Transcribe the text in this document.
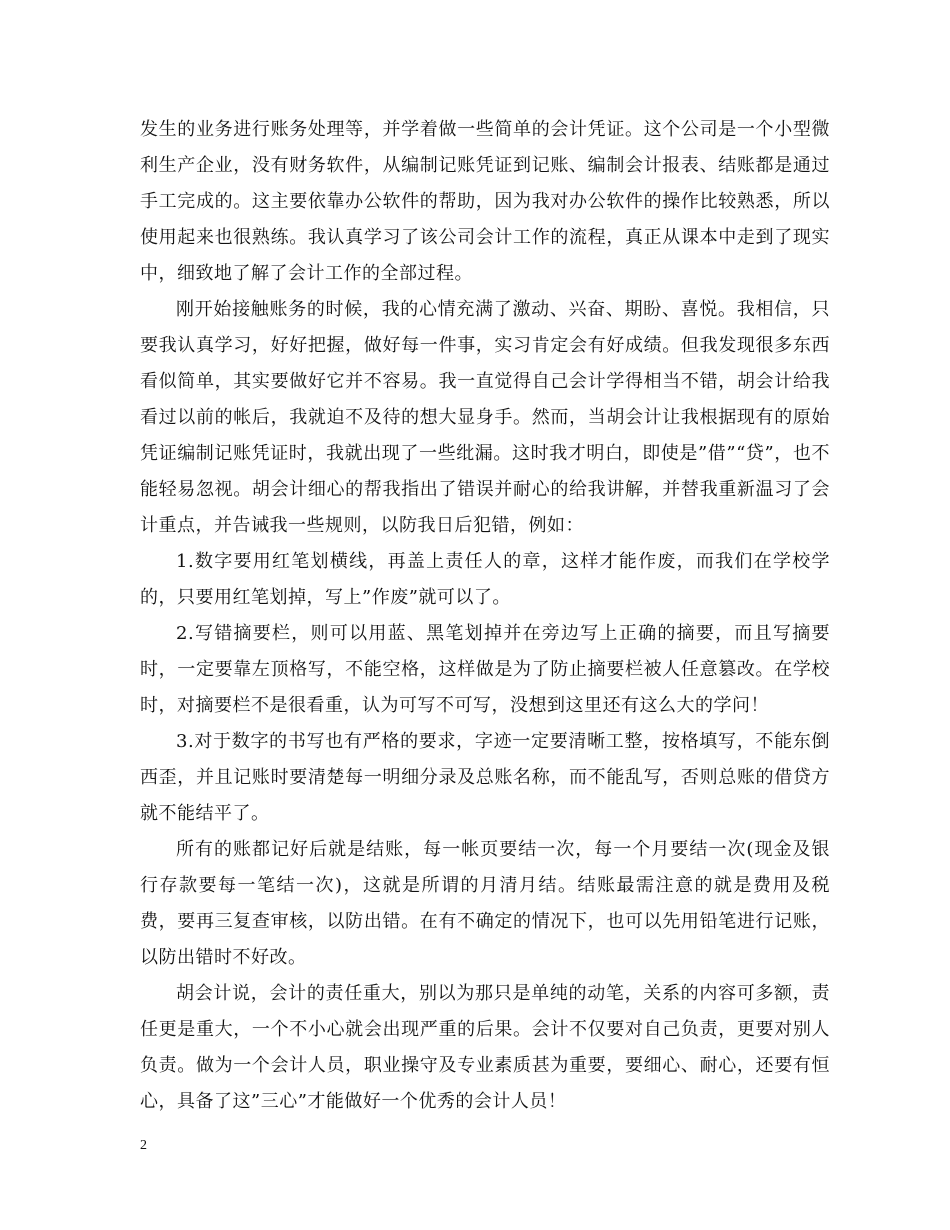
发生的业务进行账务处理等，并学着做一些简单的会计凭证。这个公司是一个小型微利生产企业，没有财务软件，从编制记账凭证到记账、编制会计报表、结账都是通过手工完成的。这主要依靠办公软件的帮助，因为我对办公软件的操作比较熟悉，所以使用起来也很熟练。我认真学习了该公司会计工作的流程，真正从课本中走到了现实中，细致地了解了会计工作的全部过程。

刚开始接触账务的时候，我的心情充满了激动、兴奋、期盼、喜悦。我相信，只要我认真学习，好好把握，做好每一件事，实习肯定会有好成绩。但我发现很多东西看似简单，其实要做好它并不容易。我一直觉得自己会计学得相当不错，胡会计给我看过以前的帐后，我就迫不及待的想大显身手。然而，当胡会计让我根据现有的原始凭证编制记账凭证时，我就出现了一些纰漏。这时我才明白，即使是”借”“贷”，也不能轻易忽视。胡会计细心的帮我指出了错误并耐心的给我讲解，并替我重新温习了会计重点，并告诫我一些规则，以防我日后犯错，例如：

1.数字要用红笔划横线，再盖上责任人的章，这样才能作废，而我们在学校学的，只要用红笔划掉，写上”作废”就可以了。

2.写错摘要栏，则可以用蓝、黑笔划掉并在旁边写上正确的摘要，而且写摘要时，一定要靠左顶格写，不能空格，这样做是为了防止摘要栏被人任意篡改。在学校时，对摘要栏不是很看重，认为可写不可写，没想到这里还有这么大的学问！

3.对于数字的书写也有严格的要求，字迹一定要清晰工整，按格填写，不能东倒西歪，并且记账时要清楚每一明细分录及总账名称，而不能乱写，否则总账的借贷方就不能结平了。

所有的账都记好后就是结账，每一帐页要结一次，每一个月要结一次(现金及银行存款要每一笔结一次)，这就是所谓的月清月结。结账最需注意的就是费用及税费，要再三复查审核，以防出错。在有不确定的情况下，也可以先用铅笔进行记账，以防出错时不好改。

胡会计说，会计的责任重大，别以为那只是单纯的动笔，关系的内容可多额，责任更是重大，一个不小心就会出现严重的后果。会计不仅要对自己负责，更要对别人负责。做为一个会计人员，职业操守及专业素质甚为重要，要细心、耐心，还要有恒心，具备了这”三心”才能做好一个优秀的会计人员！

2
